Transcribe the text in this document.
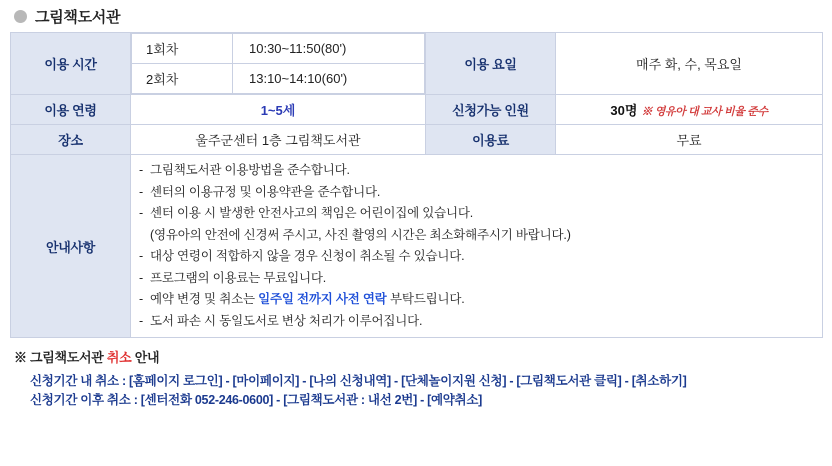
그림책도서관
이용 시간	
1회차	10:30~11:50(80')
2회차	13:10~14:10(60')
	이용 요일	매주 화, 수, 목요일
이용 연령	1~5세	신청가능 인원	30명 ※ 영유아 대 교사 비율 준수
장소	울주군센터 1층 그림책도서관	이용료	무료
안내사항	
- 그림책도서관 이용방법을 준수합니다.
- 센터의 이용규정 및 이용약관을 준수합니다.
- 센터 이용 시 발생한 안전사고의 책임은 어린이집에 있습니다.
(영유아의 안전에 신경써 주시고, 사진 촬영의 시간은 최소화해주시기 바랍니다.)
- 대상 연령이 적합하지 않을 경우 신청이 취소될 수 있습니다.
- 프로그램의 이용료는 무료입니다.
- 예약 변경 및 취소는 일주일 전까지 사전 연락 부탁드립니다.
- 도서 파손 시 동일도서로 변상 처리가 이루어집니다.
※ 그림책도서관 취소 안내
신청기간 내 취소 : [홈페이지 로그인] - [마이페이지] - [나의 신청내역] - [단체놀이지원 신청] - [그림책도서관 클릭] - [취소하기]
신청기간 이후 취소 : [센터전화 052-246-0600] - [그림책도서관 : 내선 2번] - [예약취소]
